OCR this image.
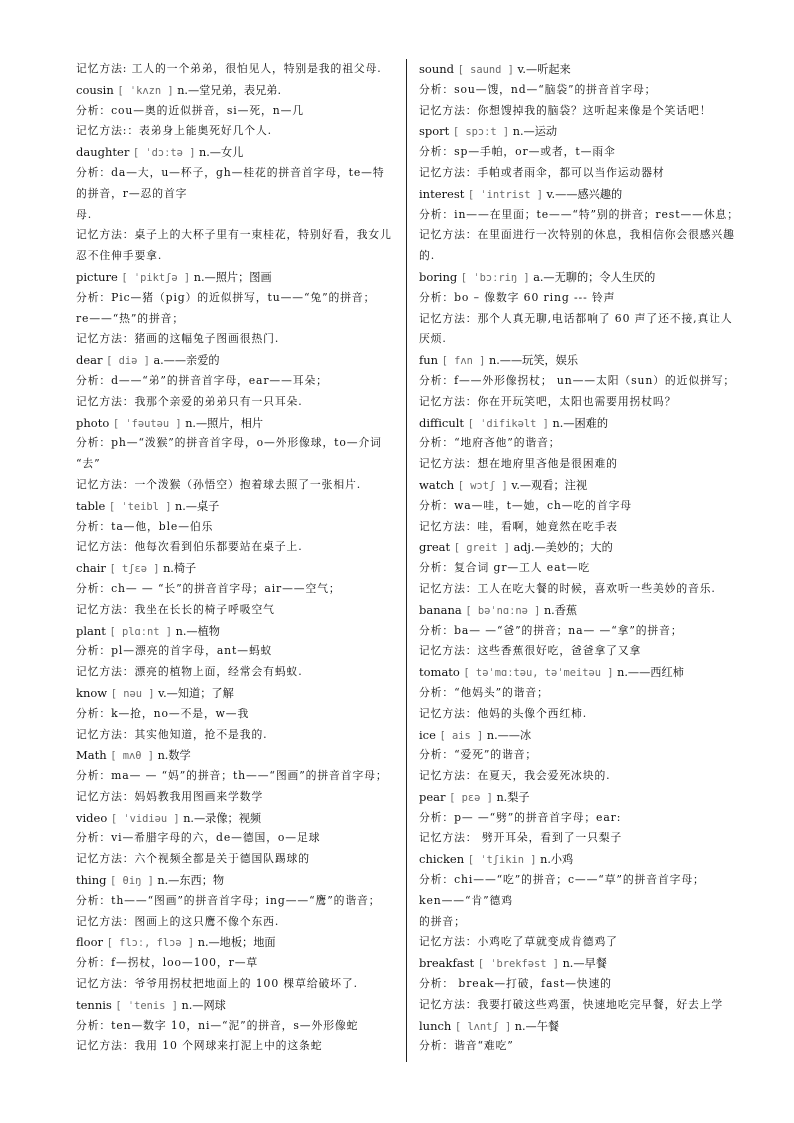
记忆方法: 工人的一个弟弟，很怕见人，特别是我的祖父母.
cousin [ ˈkʌzn ] n.—堂兄弟，表兄弟.
分析：cou—奥的近似拼音，si—死，n—几
记忆方法:：表弟身上能奥死好几个人.
daughter [ ˈdɔːtə ] n.—女儿
分析：da—大，u—杯子，gh—桂花的拼音首字母，te—特的拼音，r—忍的首字
母.
记忆方法：桌子上的大杯子里有一束桂花，特别好看，我女儿忍不住伸手要拿.
picture [ ˈpiktʃə ] n.—照片；图画
分析：Pic—猪（pig）的近似拼写，tu——“兔”的拼音；
re——“热”的拼音；
记忆方法：猪画的这幅兔子图画很热门.
dear [ diə ] a.——亲爱的
分析：d——“弟”的拼音首字母，ear——耳朵；
记忆方法：我那个亲爱的弟弟只有一只耳朵.
photo [ ˈfəutəu ] n.—照片，相片
分析：ph—“泼猴”的拼音首字母，o—外形像球，to—介词
“去”
记忆方法：一个泼猴（孙悟空）抱着球去照了一张相片.
table [ ˈteibl ] n.—桌子
分析：ta—他，ble—伯乐
记忆方法：他每次看到伯乐都要站在桌子上.
chair [ tʃɛə ] n.椅子
分析：ch— — “长”的拼音首字母；air——空气；
记忆方法：我坐在长长的椅子呼吸空气
plant [ plɑːnt ] n.—植物
分析：pl—漂亮的首字母，ant—蚂蚁
记忆方法：漂亮的植物上面，经常会有蚂蚁.
know [ nəu ] v.—知道；了解
分析：k—抢，no—不是，w—我
记忆方法：其实他知道，抢不是我的.
Math [ mʌθ ] n.数学
分析：ma— — “妈”的拼音；th——“图画”的拼音首字母；
记忆方法：妈妈教我用图画来学数学
video [ ˈvidiəu ] n.—录像；视频
分析：vi—希腊字母的六，de—德国，o—足球
记忆方法：六个视频全都是关于德国队踢球的
thing [ θiŋ ] n.—东西；物
分析：th——“图画”的拼音首字母；ing——“鹰”的谐音；
记忆方法：图画上的这只鹰不像个东西.
floor [ flɔː, flɔə ] n.—地板；地面
分析：f—拐杖，loo—100，r—草
记忆方法：爷爷用拐杖把地面上的 100 棵草给破坏了.
tennis [ ˈtenis ] n.—网球
分析：ten—数字 10，ni—“泥”的拼音，s—外形像蛇
记忆方法：我用 10 个网球来打泥上中的这条蛇
sound [ saund ] v.—听起来
分析：sou—馊，nd—“脑袋”的拼音首字母；
记忆方法：你想馊掉我的脑袋？这听起来像是个笑话吧！
sport [ spɔːt ] n.—运动
分析：sp—手帕，or—或者，t—雨伞
记忆方法：手帕或者雨伞，都可以当作运动器材
interest [ ˈintrist ] v.——感兴趣的
分析：in——在里面；te——“特”别的拼音；rest——休息；
记忆方法：在里面进行一次特别的休息，我相信你会很感兴趣的.
boring [ ˈbɔːriŋ ] a.—无聊的；令人生厌的
分析：bo – 像数字 60 ring --- 铃声
记忆方法：那个人真无聊,电话都响了 60 声了还不接,真让人厌烦.
fun [ fʌn ] n.——玩笑，娱乐
分析：f——外形像拐杖； un——太阳（sun）的近似拼写；
记忆方法：你在开玩笑吧，太阳也需要用拐杖吗？
difficult [ ˈdifikəlt ] n.—困难的
分析：“地府吝他”的谐音；
记忆方法：想在地府里吝他是很困难的
watch [ wɔtʃ ] v.—观看；注视
分析：wa—哇，t—她，ch—吃的首字母
记忆方法：哇，看啊，她竟然在吃手表
great [ greit ] adj.—美妙的；大的
分析：复合词 gr—工人 eat—吃
记忆方法：工人在吃大餐的时候，喜欢听一些美妙的音乐.
banana [ bəˈnɑːnə ] n.香蕉
分析：ba— —“爸”的拼音；na— —“拿”的拼音；
记忆方法：这些香蕉很好吃，爸爸拿了又拿
tomato [ təˈmɑːtəu, təˈmeitəu ] n.——西红柿
分析：“他妈头”的谐音；
记忆方法：他妈的头像个西红柿.
ice [ ais ] n.——冰
分析：“爱死”的谐音；
记忆方法：在夏天，我会爱死冰块的.
pear [ pɛə ] n.梨子
分析：p— —“劈”的拼音首字母；ear:
记忆方法： 劈开耳朵，看到了一只梨子
chicken [ ˈtʃikin ] n.小鸡
分析：chi——“吃”的拼音；c——“草”的拼音首字母；
ken——“肯”德鸡
的拼音；
记忆方法：小鸡吃了草就变成肯德鸡了
breakfast [ ˈbrekfəst ] n.—早餐
分析： break—打破，fast—快速的
记忆方法：我要打破这些鸡蛋，快速地吃完早餐，好去上学
lunch [ lʌntʃ ] n.—午餐
分析：谐音“难吃”
